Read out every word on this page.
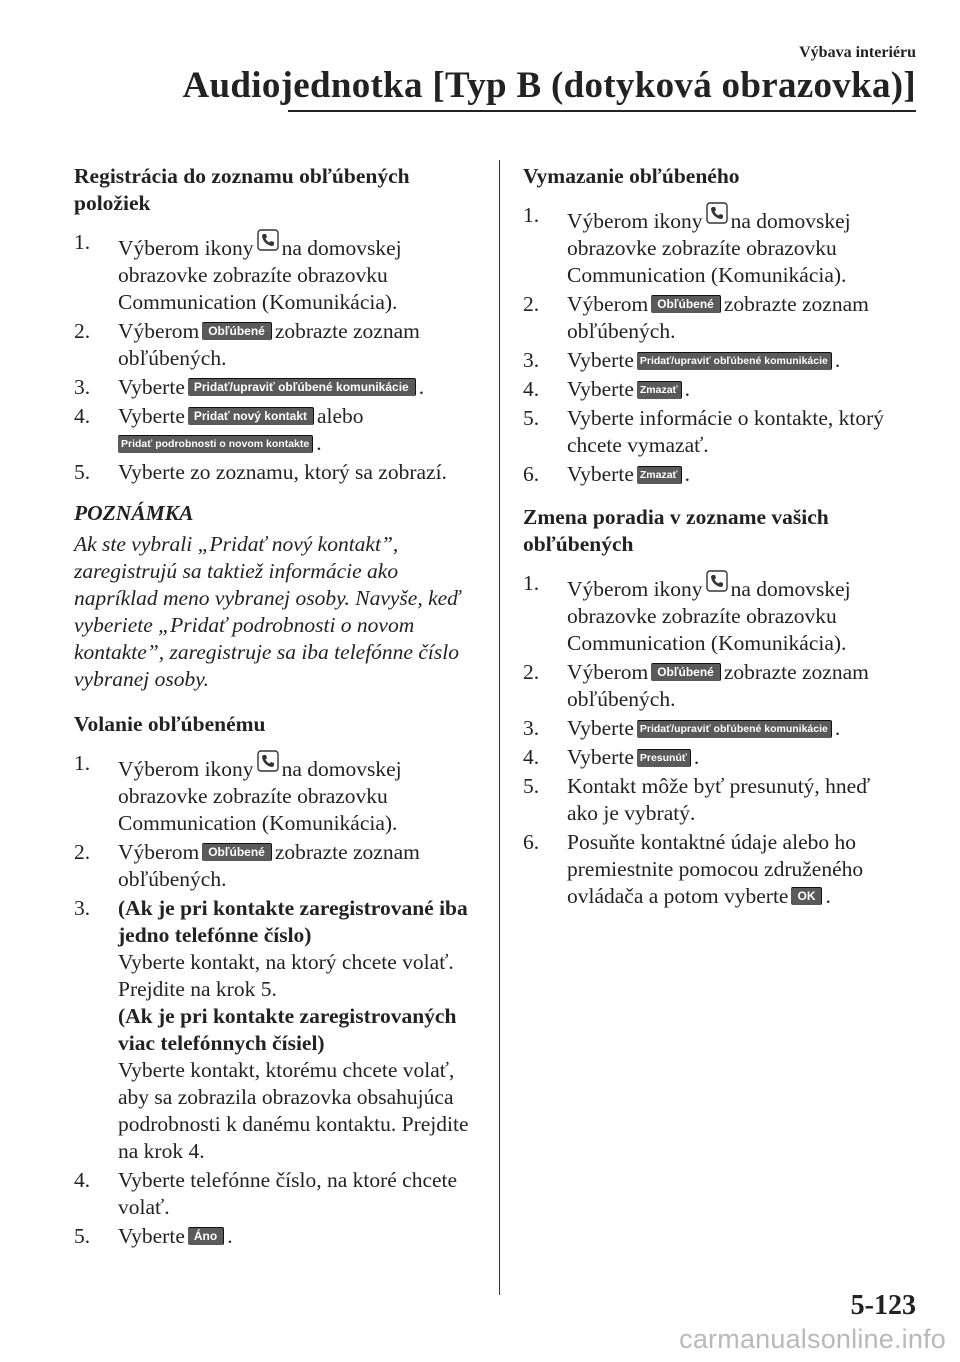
Výbava interiéru
Audiojednotka [Typ B (dotyková obrazovka)]
Registrácia do zoznamu obľúbených položiek
1. Výberom ikony na domovskej obrazovke zobrazíte obrazovku Communication (Komunikácia).
2. Výberom Obľúbené zobrazte zoznam obľúbených.
3. Vyberte Pridať/upraviť obľúbené komunikácie .
4. Vyberte Pridať nový kontakt alebo
Pridať podrobnosti o novom kontakte .
5. Vyberte zo zoznamu, ktorý sa zobrazí.
POZNÁMKA
Ak ste vybrali „Pridať nový kontakt”, zaregistrujú sa taktiež informácie ako napríklad meno vybranej osoby. Navyše, keď vyberiete „Pridať podrobnosti o novom kontakte”, zaregistruje sa iba telefónne číslo vybranej osoby.
Volanie obľúbenému
1. Výberom ikony na domovskej obrazovke zobrazíte obrazovku Communication (Komunikácia).
2. Výberom Obľúbené zobrazte zoznam obľúbených.
3. (Ak je pri kontakte zaregistrované iba jedno telefónne číslo)
Vyberte kontakt, na ktorý chcete volať. Prejdite na krok 5.
(Ak je pri kontakte zaregistrovaných viac telefónnych čísiel)
Vyberte kontakt, ktorému chcete volať, aby sa zobrazila obrazovka obsahujúca podrobnosti k danému kontaktu. Prejdite na krok 4.
4. Vyberte telefónne číslo, na ktoré chcete volať.
5. Vyberte Áno .
Vymazanie obľúbeného
1. Výberom ikony na domovskej obrazovke zobrazíte obrazovku Communication (Komunikácia).
2. Výberom Obľúbené zobrazte zoznam obľúbených.
3. Vyberte Pridať/upraviť obľúbené komunikácie .
4. Vyberte Zmazať .
5. Vyberte informácie o kontakte, ktorý chcete vymazať.
6. Vyberte Zmazať .
Zmena poradia v zozname vašich obľúbených
1. Výberom ikony na domovskej obrazovke zobrazíte obrazovku Communication (Komunikácia).
2. Výberom Obľúbené zobrazte zoznam obľúbených.
3. Vyberte Pridať/upraviť obľúbené komunikácie .
4. Vyberte Presunúť .
5. Kontakt môže byť presunutý, hneď ako je vybratý.
6. Posuňte kontaktné údaje alebo ho premiestnite pomocou združeného ovládača a potom vyberte OK .
5-123
carmanualsonline.info
